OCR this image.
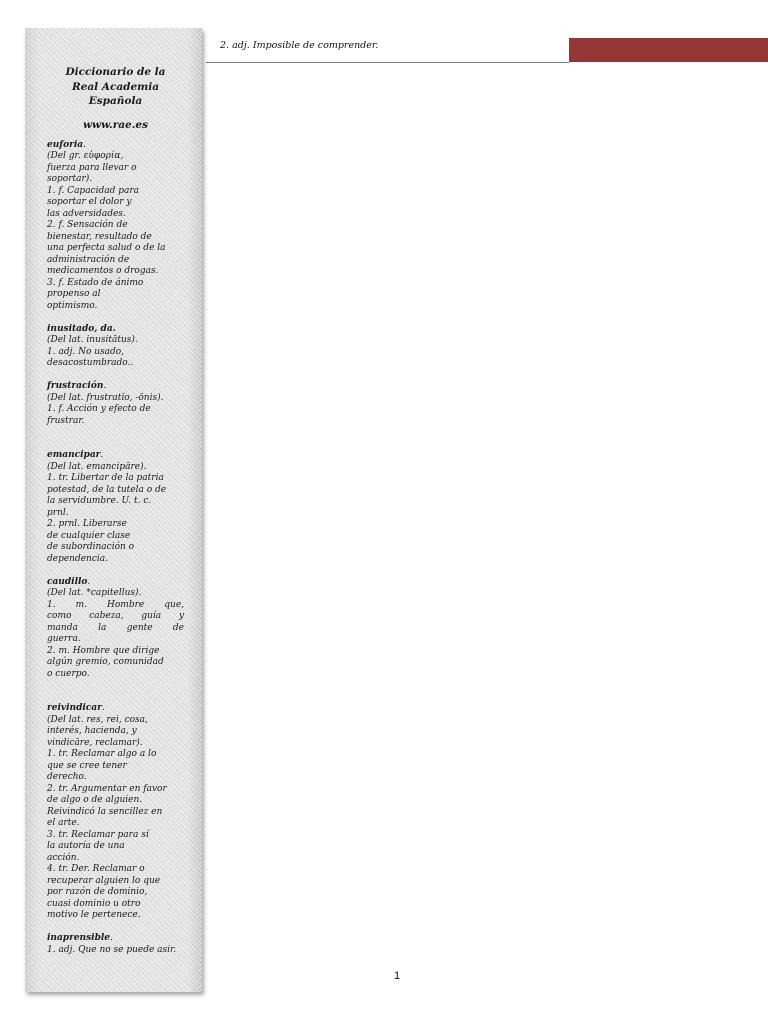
2. adj. Imposible de comprender.
Diccionario de la
Real Academia
Española
www.rae.es
euforia.
(Del gr. εὐφορία,
fuerza para llevar o
soportar).
1. f. Capacidad para
soportar el dolor y
las adversidades.
2. f. Sensación de
bienestar, resultado de
una perfecta salud o de la
administración de
medicamentos o drogas.
3. f. Estado de ánimo
propenso al
optimismo.
inusitado, da.
(Del lat. inusitātus).
1. adj. No usado,
desacostumbrado..
frustración.
(Del lat. frustratĭo, -ōnis).
1. f. Acción y efecto de
frustrar.
emancipar.
(Del lat. emancipāre).
1. tr. Libertar de la patria
potestad, de la tutela o de
la servidumbre. U. t. c.
prnl.
2. prnl. Liberarse
de cualquier clase
de subordinación o
dependencia.
caudillo.
(Del lat. *capitellus).
1. m. Hombre que,
como cabeza, guía y
manda la gente de
guerra.
2. m. Hombre que dirige
algún gremio, comunidad
o cuerpo.
reivindicar.
(Del lat. res, rei, cosa,
interés, hacienda, y
vindicāre, reclamar).
1. tr. Reclamar algo a lo
que se cree tener
derecho.
2. tr. Argumentar en favor
de algo o de alguien.
Reivindicó la sencillez en
el arte.
3. tr. Reclamar para sí
la autoría de una
acción.
4. tr. Der. Reclamar o
recuperar alguien lo que
por razón de dominio,
cuasi dominio u otro
motivo le pertenece.
inaprensible.
1. adj. Que no se puede asir.
1
